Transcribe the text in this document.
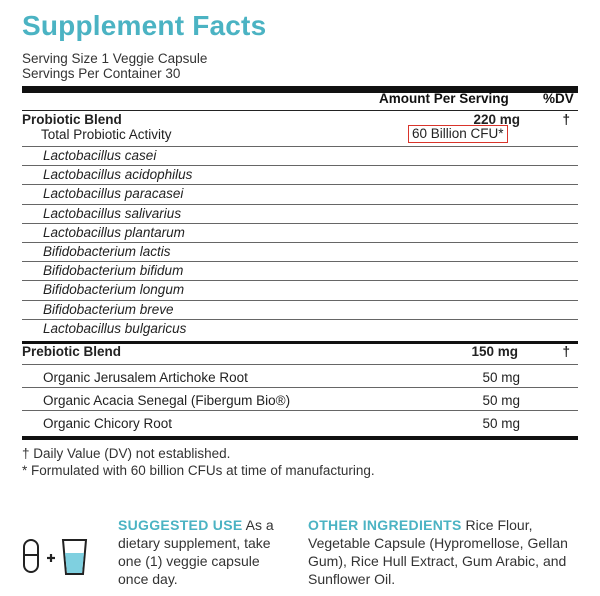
Supplement Facts
Serving Size 1 Veggie Capsule
Servings Per Container 30
Amount Per Serving	%DV
Probiotic Blend	220 mg	†
Total Probiotic Activity	60 Billion CFU*
Lactobacillus casei
Lactobacillus acidophilus
Lactobacillus paracasei
Lactobacillus salivarius
Lactobacillus plantarum
Bifidobacterium lactis
Bifidobacterium bifidum
Bifidobacterium longum
Bifidobacterium breve
Lactobacillus bulgaricus
Prebiotic Blend	150 mg	†
Organic Jerusalem Artichoke Root	50 mg
Organic Acacia Senegal (Fibergum Bio®)	50 mg
Organic Chicory Root	50 mg
† Daily Value (DV) not established.
* Formulated with 60 billion CFUs at time of manufacturing.
SUGGESTED USE As a dietary supplement, take one (1) veggie capsule once day.
OTHER INGREDIENTS Rice Flour, Vegetable Capsule (Hypromellose, Gellan Gum), Rice Hull Extract, Gum Arabic, and Sunflower Oil.
